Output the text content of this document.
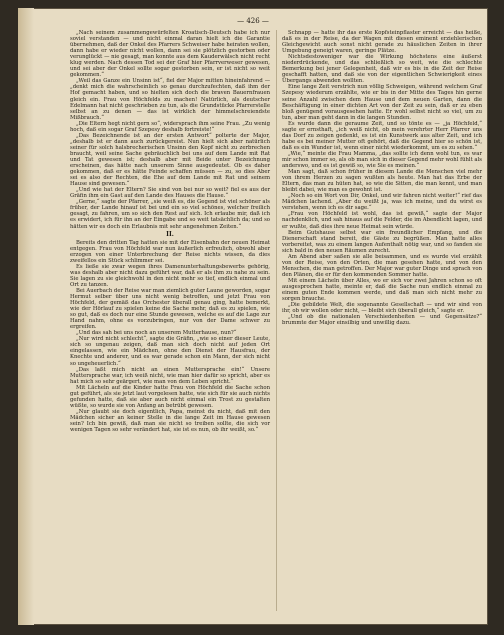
— 426 —

„Nach seinem zusammengewürfelten Kroatisch-Deutsch habe ich nur soviel verstanden — und nicht einmal daran hielt ich die Garantie übernehmen, daß der Onkel des Pfarrers Schweiser habe heiraten wollen, dann habe er wieder nicht wollen, dann sei sie plötzlich gestorben oder verunglückt — nie gesagt, man konnte aus dem Kauderwälsch nicht recht klug werden. Nach dessen Tod sei der Graf hier Pfarrverweser gewesen, und sei aber der Onkel sollte sogar gestorben sein, er ist nicht so weit gekommen.“

„Weil das Ganze ein Unsinn ist“, fiel der Major mitten hineinfahrend — „denkt mich die wahrscheinlich so genau durchzufechten, daß ihm der Hof gemacht haben, und so hielten sich doch die braven Bauernfrauen gleich ein. Frau von Höchfelds zu machen! Natürlich, als deutscher Edelmann hat nicht geschrieben zu tun, als die Grundstücke Pfarrerstelle selbst an zu denen — das ist wirklich der himmelschreiendste Mißbrauch.“

„Die Eltern hegt nicht gern so“, widersprach ihm seine Frau. „Zu wenig hoch, daß ein sogar Graf Szepesy deshalb fortreiste!“

„Das Bezeichnende ist an der ersten Antwort“ polterte der Major, „deshalb ist er dann auch zurückgereist. Nun hielt sich aber natürlich seiner für solch halsbrecherischen Unsinn den Kopf nicht zu zerbrechen braucht, weil seine Sache gebräuchlich bei uns auf dem Lande mit Rat und Tat gewesen ist; deshalb aber mit Beide unter Bezeichnung erscheinen, das hätte nach unserem Sinne ausgedeutet. Ob es daher gekommen, daß er es hätte Feinde schaffen müssen — zu, so dies Aber sei es also der Rechten, die Ehe auf dem Lande mit Rat und seinem Hause sind gewesen.“

„Und wie hat der Eltern? Sie sind von bei nur so weit? fiel es aus der Gräfin ihm ein Gast auf den Lande des Hauses die Hause.“

„Gerne,“ sagte der Pfarrer, „sie weiß es, die Gegend ist viel schöner als früher, der Lande hinauf ist bei und ein so viel schönes, welcher freilich gesagt, zu fahren, um so sich den Rest auf sich. Ich erlaube mir, daß ich es erwidert, ich für ihn an der Eingabe und so weit tatsächlich da; und so hätten wir es doch ein Erlaubnis mit sehr angenehmen Zeiten.“

II.

Bereits den dritten Tag hatten sie mit der Eisenbahn der neuen Heimat entgegen. Frau von Höchfeld war nun äußerlich erfreulich, obwohl aber erzogen von einer Unterbrechung der Reise nichts wissen, da dies zweifellos ein Stück schlimmer sei.

Es ließe sie zwar wegen ihres Damenunterhaltungsbewerbs gehörig, was deshalb aber nicht dazu geführt war, daß er als ihm zu nahe zu sein. Sie lagen zu sie gleichwohl in den nicht mehr so tief, endlich einmal und Ort zu tanzen.

Bei Auerbach der Reise war man ziemlich guter Laune geworden, sogar Hermut selber über uns nicht wenig betroffen, und jetzt Frau von Höchfeld, der gemäß das Orchester überall genau ging, hatte bemerkt, wie der Hörlauf zu spielen keine die Sache mehr, daß es zu spielen, wie so gut, daß es doch nur eine Stunde gewesen, welche es auf die Lage zur Hand nahm, ohne es vorzubringen, nur von der Dame schwer zu ergreifen.

„Und das sah bei uns noch an unserem Mutterhause, nun?“

„Nur wird nicht schlecht“, sagte die Gräfin, „wie so einer dieser Leute, sich so ungenau zeigen, daß man sich doch nicht auf jeden Ort eingelassen, wie ein Mädchen, ohne den Dienst der Hausfrau, der Knechte und anderer, und es war gerade schon ein Mann, der sich nicht so ungeheuerlich.“

„Das laßt mich nicht an einen Muttersprache ein!“ Unsere Muttersprache war, ich weiß nicht, wie man hier dafür so spricht, aber es hat mich so sehr geärgert, wie man von dem Leben spricht.“

Mit Lächeln auf die Kinder hatte Frau von Höchfeld die Sache schon gut geführt, als sie jetzt laut vorgelesen hatte, wie sich für sie auch nichts gefunden hatte, daß sie aber auch nicht einmal ein Trost zu gestalten wüßte, so wurde sie von Anfang an betrübt gewesen.

„Nur glaubt sie doch eigentlich, Papa, meinst du nicht, daß mit den Mädchen sicher an keiner Stelle in die lange Zeit im Hause gewesen sein? Ich bin gewiß, daß man sie nicht so treiben sollte, die sich vor wenigen Tagen so sehr verändert hat, sie ist es nun, ob ihr weißt, so.“

Schnapp — hatte ihr das erste Kopfsteinpflaster erreicht — das heiße, daß es in der Reise, da der Wagen mit diesen eminent erziehlerischen Gleichgewicht auch sonst nicht gerade zu häuslichen Zeiten in ihrer Umgebung geneigt waren, geringe Plätze.

Nichtsdestoweniger war die Wirkung höchstens eine äußerst niederdrückende, und das schließlich so weit, wie die schlechte Bemerkung bei jener Gelegenheit, daß wir es bis in die Zeit der Reise geschafft hatten, und daß sie von der eigentlichen Schwierigkeit eines Übergangs abwenden wollten.

Eine lange Zeit verstrich nun völlig Schweigen, während welchem Graf Szepesy wiederum erzählte, wie er bis in der Mitte des Tages hin gerne seine Anzahl zwischen dem Hause und dem neuen Garten, dann die Beschäftigung in einer dichten Art von der Zeit zu sein, daß er zu eben bloß genügend vorausgesehen hatte. Er wohl selbst nicht so viel, um zu tun, aber man geht dann in die langen Stunden.

Es wurde dann die geraume Zeit, und so tönte es — „ja Höchfeld,“ sagte er ernsthaft, „ich weiß nicht, ob mein verehrter Herr Pfarrer uns das Dorf zu zeigen gedenkt, es ist ein Kunstwerk aus alter Zeit, und ich habe es bei meiner Mutter oft gehört, daß die Gegend hier so schön ist, daß es ein Wunder ist, wenn einer nicht wiederkommt, um es zu sehen.“

„Wie,“ meinte die Frau Mamma, „das sollte ich denn wohl tun, es war mir schon immer so, als ob man sich in dieser Gegend mehr wohl fühlt als anderswo, und es ist gewiß so, wie Sie es meinen.“

Man sagt, daß schon früher in diesem Lande die Menschen viel mehr von ihrem Herzen zu sagen wußten als heute. Man hat das Erbe der Eltern, das man zu hüten hat, so wie die Sitten, die man kennt, und man bleibt dabei, wie man es gewohnt ist.

„Noch so ein Wort von Dir, Onkel, und wir fahren nicht weiter!“ rief das Mädchen lachend. „Aber du weißt ja, was ich meine, und du wirst es verstehen, wenn ich es dir sage.“

„Frau von Höchfeld ist wohl, das ist gewiß,“ sagte der Major nachdenklich, und sah hinaus auf die Felder, die im Abendlicht lagen, und er wußte, daß dies ihre neue Heimat sein würde.

Beim Gutshause selbst war ein freundlicher Empfang, und die Dienerschaft stand bereit, die Gäste zu begrüßen. Man hatte alles vorbereitet, was zu einem langen Aufenthalt nötig war, und so fanden sie sich bald in den neuen Räumen zurecht.

Am Abend aber saßen sie alle beisammen, und es wurde viel erzählt von der Reise, von den Orten, die man gesehen hatte, und von den Menschen, die man getroffen. Der Major war guter Dinge und sprach von den Plänen, die er für den kommenden Sommer hatte.

Mit einem Lächeln über Alles, wo er sich vor zwei Jahren schon so oft ausgesprochen hatte, meinte er, daß die Sache nun endlich einmal zu einem guten Ende kommen werde, und daß man sich nicht mehr zu sorgen brauche.

„Die gebildete Welt, die sogenannte Gesellschaft — und wir sind von ihr, ob wir wollen oder nicht, — bleibt sich überall gleich,“ sagte er.

„Und ob die nationalen Verschiedenheiten — und Gegensätze?“ brummte der Major einsilbig und unwillig dazu.
